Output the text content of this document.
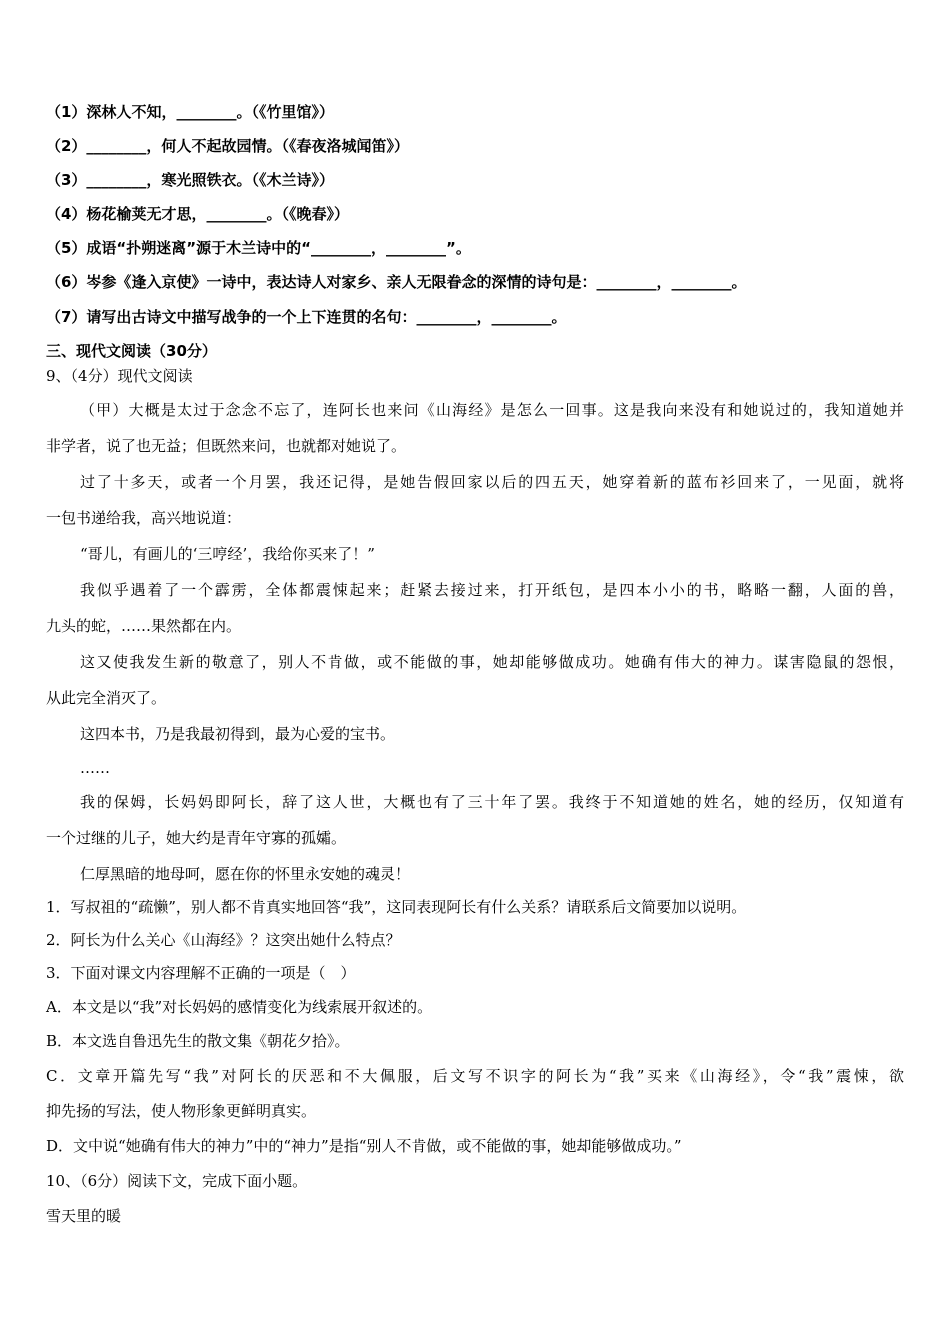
（1）深林人不知，________。（《竹里馆》）
（2）________，何人不起故园情。（《春夜洛城闻笛》）
（3）________，寒光照铁衣。（《木兰诗》）
（4）杨花榆荚无才思，________。（《晚春》）
（5）成语“扑朔迷离”源于木兰诗中的“________，________”。
（6）岑参《逢入京使》一诗中，表达诗人对家乡、亲人无限眷念的深情的诗句是：________，________。
（7）请写出古诗文中描写战争的一个上下连贯的名句：________，________。
三、现代文阅读（30分）
9、（4分）现代文阅读
（甲）大概是太过于念念不忘了，连阿长也来问《山海经》是怎么一回事。这是我向来没有和她说过的，我知道她并
非学者，说了也无益；但既然来问，也就都对她说了。
过了十多天，或者一个月罢，我还记得，是她告假回家以后的四五天，她穿着新的蓝布衫回来了，一见面，就将
一包书递给我，高兴地说道：
“哥儿，有画儿的‘三哼经’，我给你买来了！”
我似乎遇着了一个霹雳，全体都震悚起来；赶紧去接过来，打开纸包，是四本小小的书，略略一翻，人面的兽，
九头的蛇，……果然都在内。
这又使我发生新的敬意了，别人不肯做，或不能做的事，她却能够做成功。她确有伟大的神力。谋害隐鼠的怨恨，
从此完全消灭了。
这四本书，乃是我最初得到，最为心爱的宝书。
……
我的保姆，长妈妈即阿长，辞了这人世，大概也有了三十年了罢。我终于不知道她的姓名，她的经历，仅知道有
一个过继的儿子，她大约是青年守寡的孤孀。
仁厚黑暗的地母呵，愿在你的怀里永安她的魂灵！
1．写叔祖的“疏懒”，别人都不肯真实地回答“我”，这同表现阿长有什么关系？请联系后文简要加以说明。
2．阿长为什么关心《山海经》？这突出她什么特点？
3．下面对课文内容理解不正确的一项是（　）
A．本文是以“我”对长妈妈的感情变化为线索展开叙述的。
B．本文选自鲁迅先生的散文集《朝花夕拾》。
C．文章开篇先写“我”对阿长的厌恶和不大佩服，后文写不识字的阿长为“我”买来《山海经》，令“我”震悚，欲
抑先扬的写法，使人物形象更鲜明真实。
D．文中说“她确有伟大的神力”中的“神力”是指“别人不肯做，或不能做的事，她却能够做成功。”
10、（6分）阅读下文，完成下面小题。
雪天里的暖
